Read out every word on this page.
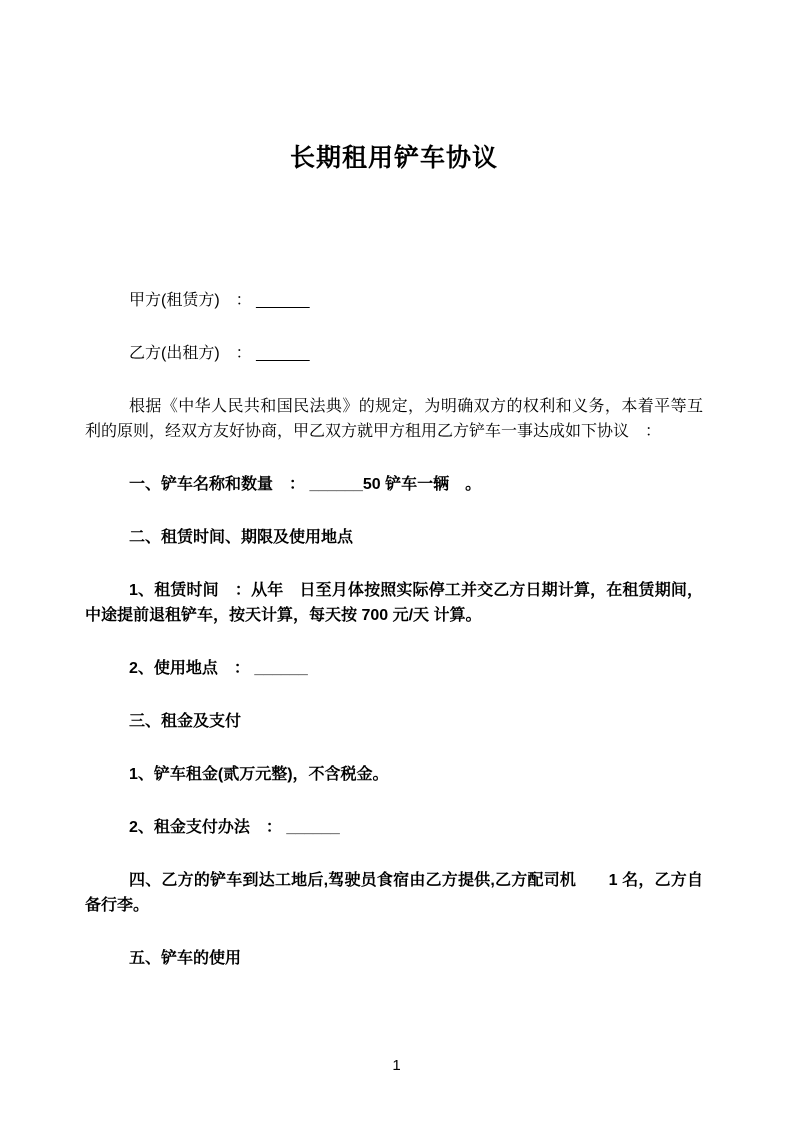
长期租用铲车协议

甲方(租赁方)　： ______

乙方(出租方)　： ______

根据《中华人民共和国民法典》的规定，为明确双方的权利和义务，本着平等互利的原则，经双方友好协商，甲乙双方就甲方租用乙方铲车一事达成如下协议　：

一、铲车名称和数量　： ______50 铲车一辆　。

二、租赁时间、期限及使用地点

1、租赁时间　：从年　日至月体按照实际停工并交乙方日期计算，在租赁期间，中途提前退租铲车，按天计算，每天按 700 元/天 计算。

2、使用地点　： ______

三、租金及支付

1、铲车租金(贰万元整)，不含税金。

2、租金支付办法　： ______

四、乙方的铲车到达工地后,驾驶员食宿由乙方提供,乙方配司机　　1 名，乙方自备行李。

五、铲车的使用

1
